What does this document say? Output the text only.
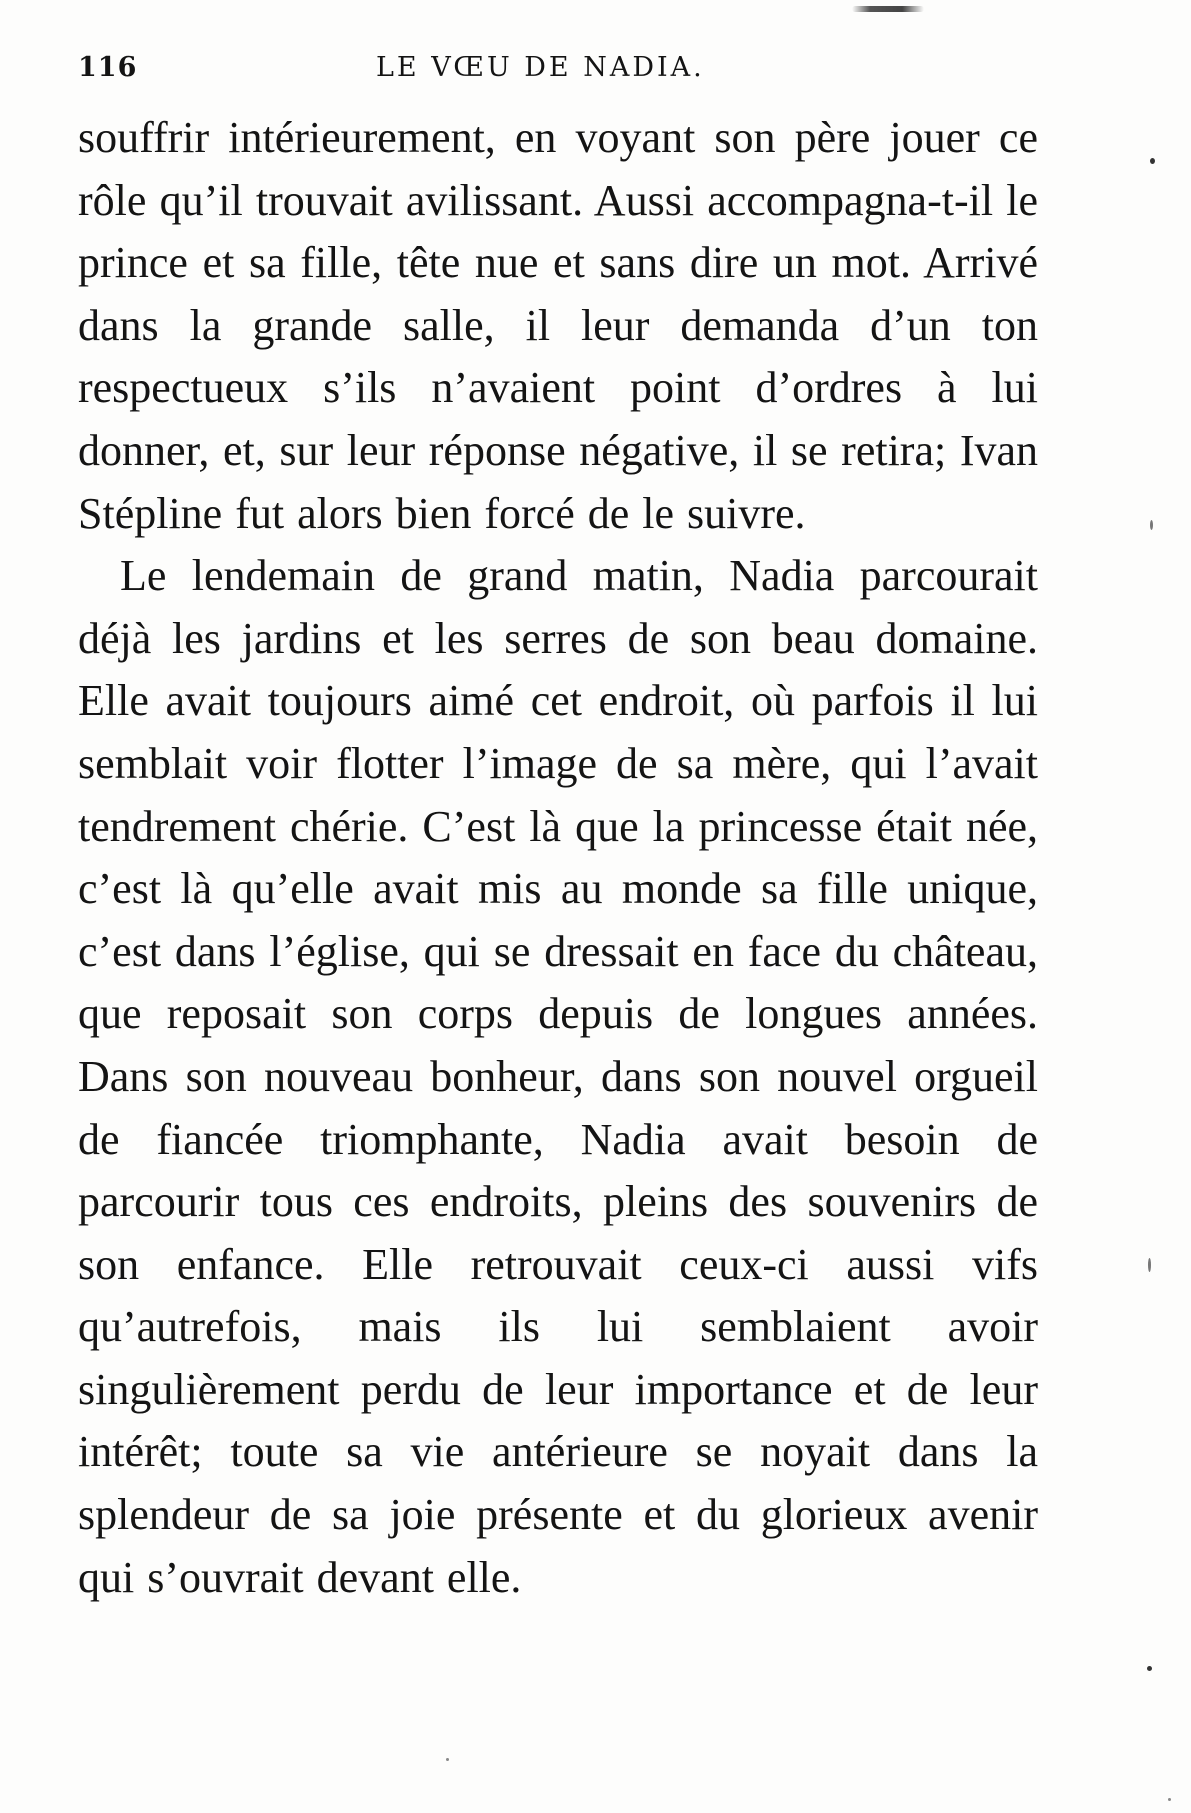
116	LE VŒU DE NADIA.

souffrir intérieurement, en voyant son père jouer ce rôle qu’il trouvait avilissant. Aussi accompagna-t-il le prince et sa fille, tête nue et sans dire un mot. Arrivé dans la grande salle, il leur demanda d’un ton respectueux s’ils n’avaient point d’ordres à lui donner, et, sur leur réponse négative, il se retira; Ivan Stépline fut alors bien forcé de le suivre.

Le lendemain de grand matin, Nadia parcourait déjà les jardins et les serres de son beau domaine. Elle avait toujours aimé cet endroit, où parfois il lui semblait voir flotter l’image de sa mère, qui l’avait tendrement chérie. C’est là que la princesse était née, c’est là qu’elle avait mis au monde sa fille unique, c’est dans l’église, qui se dressait en face du château, que reposait son corps depuis de longues années. Dans son nouveau bonheur, dans son nouvel orgueil de fiancée triomphante, Nadia avait besoin de parcourir tous ces endroits, pleins des souvenirs de son enfance. Elle retrouvait ceux-ci aussi vifs qu’autrefois, mais ils lui semblaient avoir singulièrement perdu de leur importance et de leur intérêt; toute sa vie antérieure se noyait dans la splendeur de sa joie présente et du glorieux avenir qui s’ouvrait devant elle.
